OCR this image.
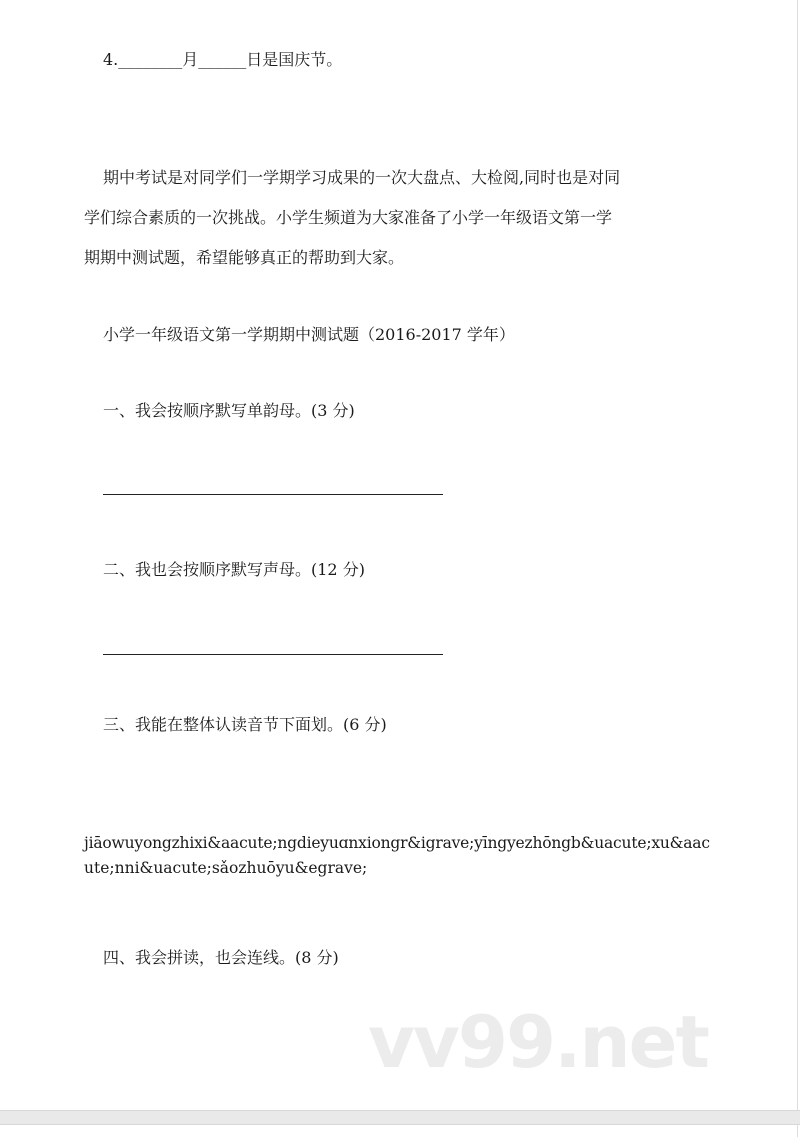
4.________月______日是国庆节。
期中考试是对同学们一学期学习成果的一次大盘点、大检阅,同时也是对同
学们综合素质的一次挑战。小学生频道为大家准备了小学一年级语文第一学
期期中测试题，希望能够真正的帮助到大家。
小学一年级语文第一学期期中测试题（2016-2017 学年）
一、我会按顺序默写单韵母。(3 分)
二、我也会按顺序默写声母。(12 分)
三、我能在整体认读音节下面划。(6 分)
jiāowuyongzhixi&aacute;ngdieyuɑnxiongr&igrave;yīngyezhōngb&uacute;xu&aac
ute;nni&uacute;sǎozhuōyu&egrave;
四、我会拼读，也会连线。(8 分)
vv99.net
